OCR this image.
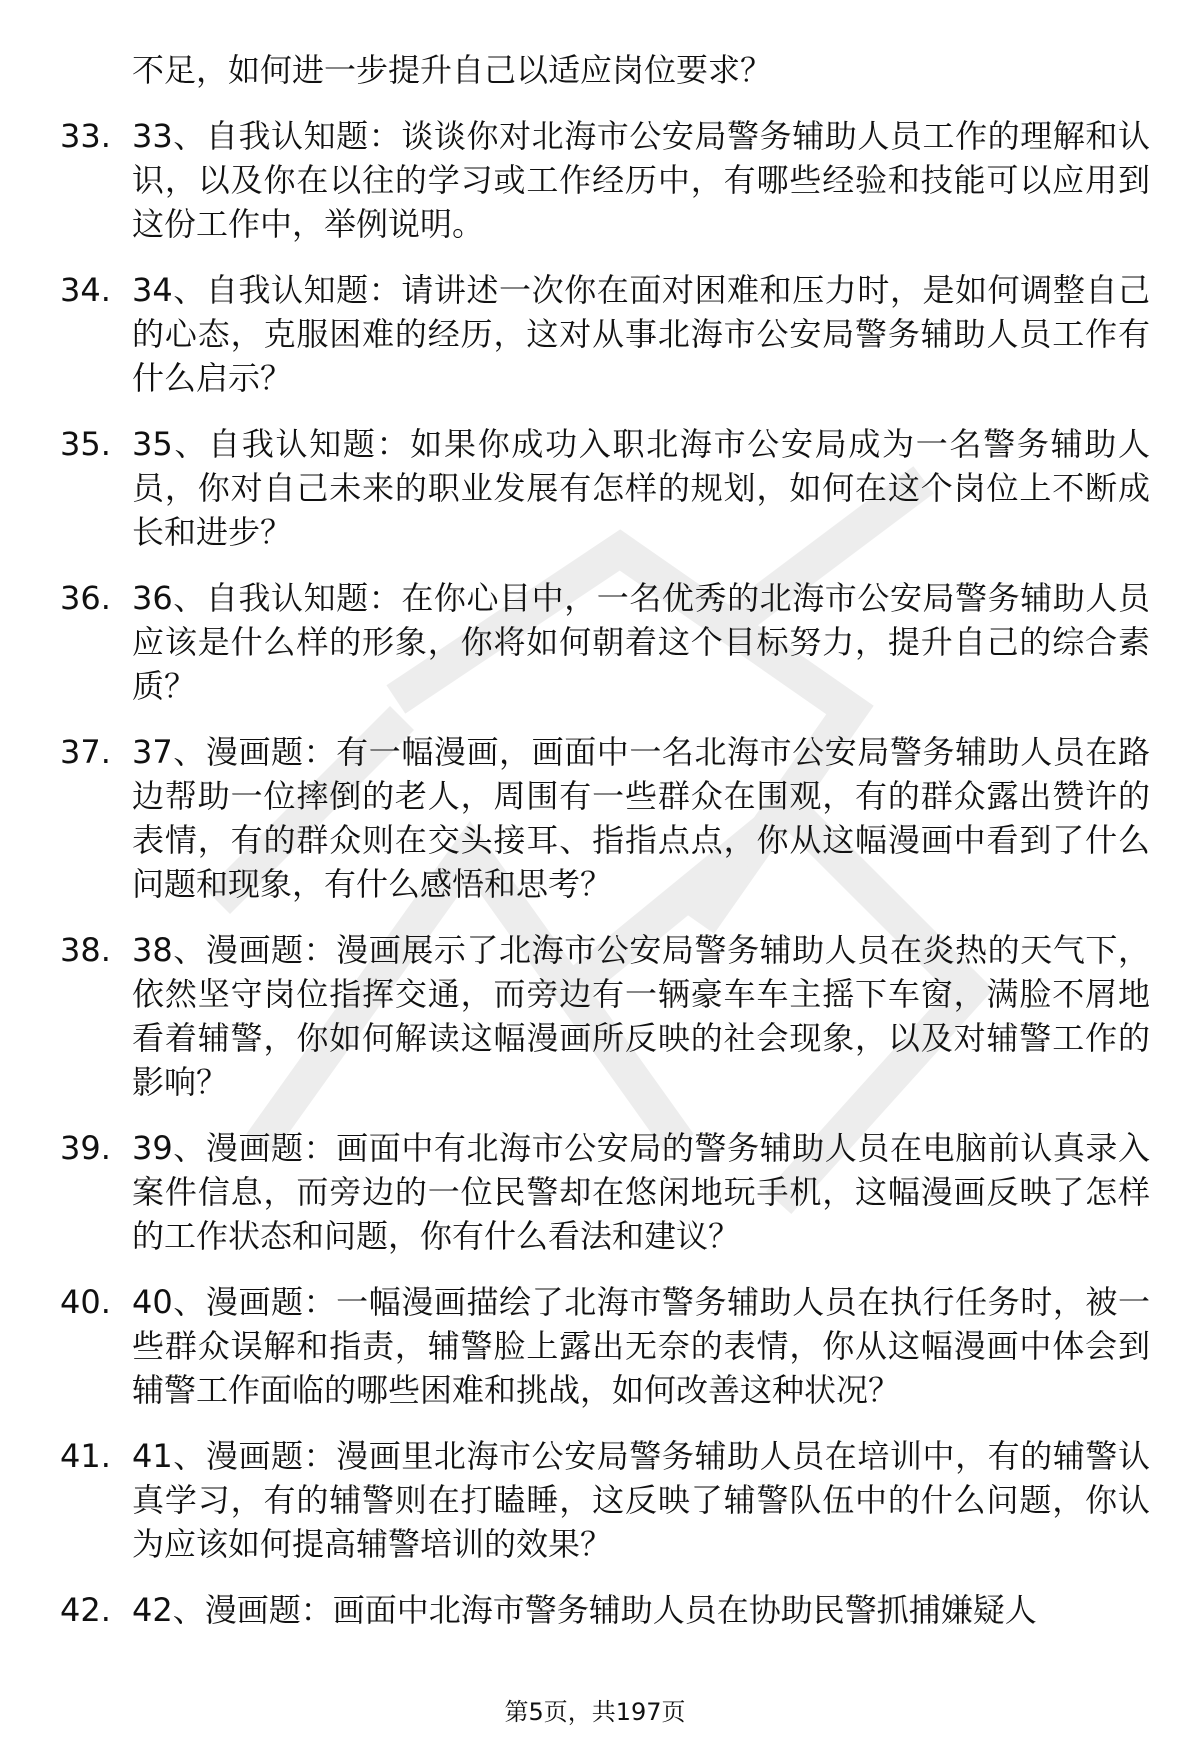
不足，如何进一步提升自己以适应岗位要求？
33. 33、自我认知题：谈谈你对北海市公安局警务辅助人员工作的理解和认识，以及你在以往的学习或工作经历中，有哪些经验和技能可以应用到这份工作中，举例说明。
34. 34、自我认知题：请讲述一次你在面对困难和压力时，是如何调整自己的心态，克服困难的经历，这对从事北海市公安局警务辅助人员工作有什么启示？
35. 35、自我认知题：如果你成功入职北海市公安局成为一名警务辅助人员，你对自己未来的职业发展有怎样的规划，如何在这个岗位上不断成长和进步？
36. 36、自我认知题：在你心目中，一名优秀的北海市公安局警务辅助人员应该是什么样的形象，你将如何朝着这个目标努力，提升自己的综合素质？
37. 37、漫画题：有一幅漫画，画面中一名北海市公安局警务辅助人员在路边帮助一位摔倒的老人，周围有一些群众在围观，有的群众露出赞许的表情，有的群众则在交头接耳、指指点点，你从这幅漫画中看到了什么问题和现象，有什么感悟和思考？
38. 38、漫画题：漫画展示了北海市公安局警务辅助人员在炎热的天气下，依然坚守岗位指挥交通，而旁边有一辆豪车车主摇下车窗，满脸不屑地看着辅警，你如何解读这幅漫画所反映的社会现象，以及对辅警工作的影响？
39. 39、漫画题：画面中有北海市公安局的警务辅助人员在电脑前认真录入案件信息，而旁边的一位民警却在悠闲地玩手机，这幅漫画反映了怎样的工作状态和问题，你有什么看法和建议？
40. 40、漫画题：一幅漫画描绘了北海市警务辅助人员在执行任务时，被一些群众误解和指责，辅警脸上露出无奈的表情，你从这幅漫画中体会到辅警工作面临的哪些困难和挑战，如何改善这种状况？
41. 41、漫画题：漫画里北海市公安局警务辅助人员在培训中，有的辅警认真学习，有的辅警则在打瞌睡，这反映了辅警队伍中的什么问题，你认为应该如何提高辅警培训的效果？
42. 42、漫画题：画面中北海市警务辅助人员在协助民警抓捕嫌疑人
第5页，共197页
